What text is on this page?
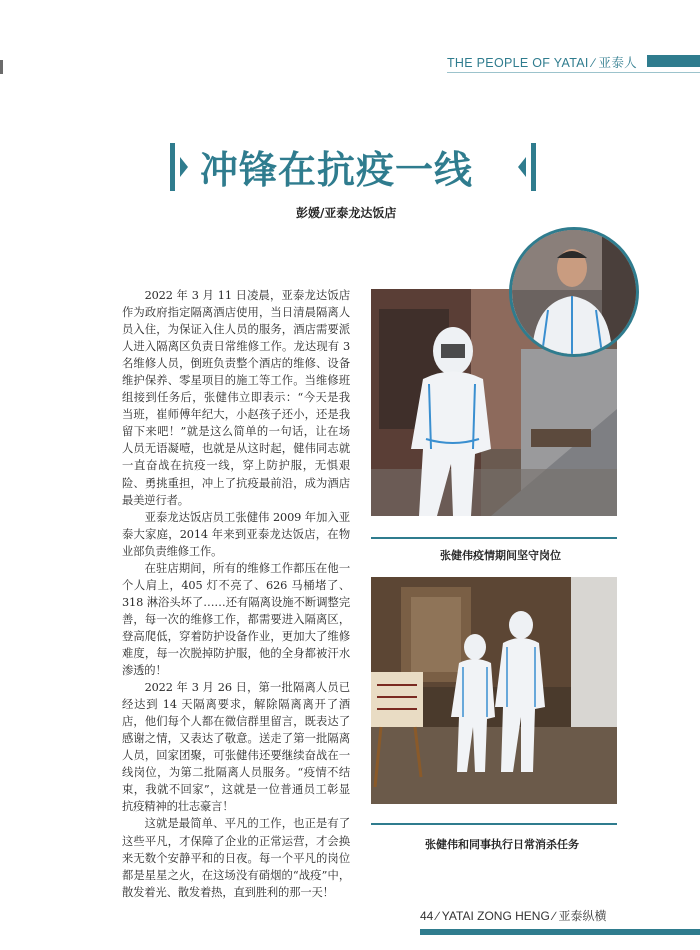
THE PEOPLE OF YATAI ∕ 亚泰人
冲锋在抗疫一线
彭媛/亚泰龙达饭店

2022 年 3 月 11 日凌晨，亚泰龙达饭店作为政府指定隔离酒店使用，当日清晨隔离人员入住，为保证入住人员的服务，酒店需要派人进入隔离区负责日常维修工作。龙达现有 3 名维修人员，倒班负责整个酒店的维修、设备维护保养、零星项目的施工等工作。当维修班组接到任务后，张健伟立即表示：“今天是我当班，崔师傅年纪大，小赵孩子还小，还是我留下来吧！”就是这么简单的一句话，让在场人员无语凝噎，也就是从这时起，健伟同志就一直奋战在抗疫一线，穿上防护服，无惧艰险、勇挑重担，冲上了抗疫最前沿，成为酒店最美逆行者。

亚泰龙达饭店员工张健伟 2009 年加入亚泰大家庭，2014 年来到亚泰龙达饭店，在物业部负责维修工作。

在驻店期间，所有的维修工作都压在他一个人肩上，405 灯不亮了、626 马桶堵了、318 淋浴头坏了……还有隔离设施不断调整完善，每一次的维修工作，都需要进入隔离区，登高爬低，穿着防护设备作业，更加大了维修难度，每一次脱掉防护服，他的全身都被汗水渗透的！

2022 年 3 月 26 日，第一批隔离人员已经达到 14 天隔离要求，解除隔离离开了酒店，他们每个人都在微信群里留言，既表达了感谢之情，又表达了敬意。送走了第一批隔离人员，回家团聚，可张健伟还要继续奋战在一线岗位，为第二批隔离人员服务。“疫情不结束，我就不回家”，这就是一位普通员工彰显抗疫精神的壮志豪言！

这就是最简单、平凡的工作，也正是有了这些平凡，才保障了企业的正常运营，才会换来无数个安静平和的日夜。每一个平凡的岗位都是星星之火，在这场没有硝烟的“战疫”中，散发着光、散发着热，直到胜利的那一天！

张健伟疫情期间坚守岗位
张健伟和同事执行日常消杀任务
44 ∕ YATAI ZONG HENG ∕ 亚泰纵横
